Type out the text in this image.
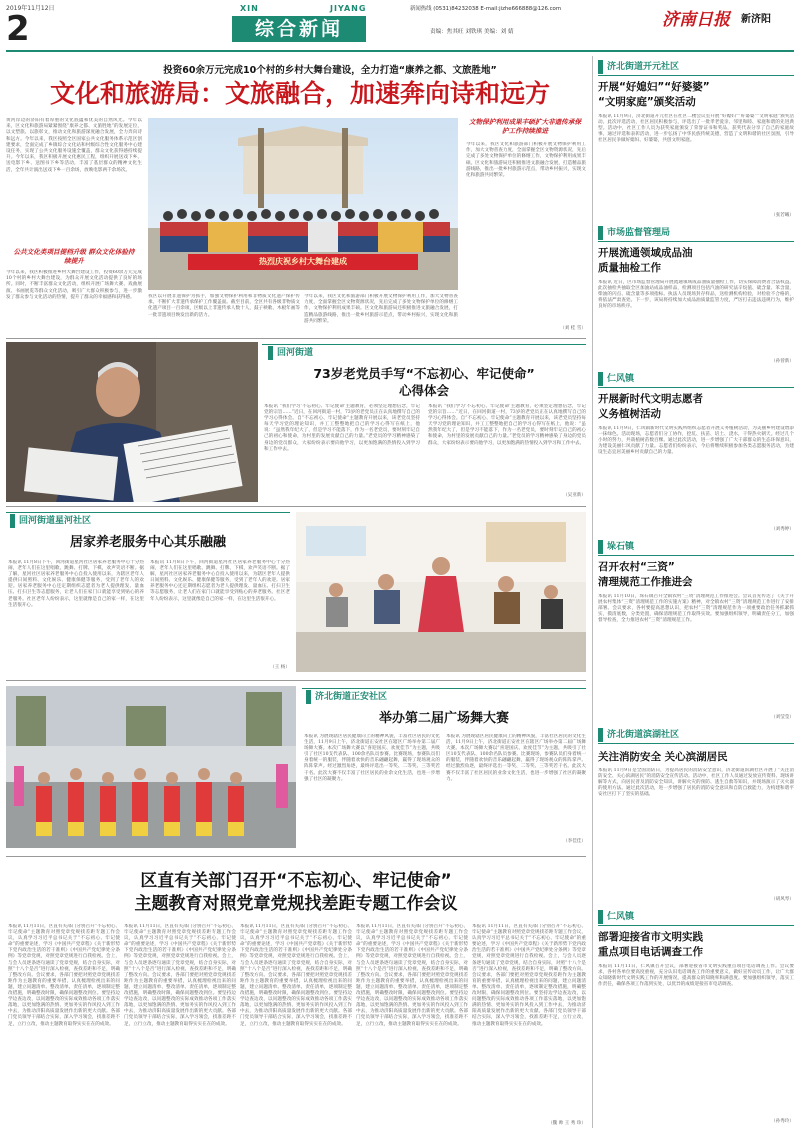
2019年11月12日
2
XIN	JIYANG
综合新闻
新闻热线 (0531)84232038 E-mail:jizhe666888@126.com
责编：焦其旺 刘铁琪 美编：刘 婧
济南日报 新济阳
投资60余万元完成10个村的乡村大舞台建设，全力打造“康养之都、文旅胜地”
文化和旅游局：文旅融合，加速奔向诗和远方
黄河岸边的济阳有着厚重的文化底蕴和优美的自然风光。今年以来，区文化和旅游局紧紧围绕“康养之都、文旅胜地”的发展定位，以文塑旅、以旅彰文，推动文化和旅游深度融合发展，全力奔向诗和远方。今年以来，我区按照全区国家公共文化服务体系示范区创建要求，全面完成了乡镇综合文化站和村级综合性文化服务中心建设任务，实现了公共文化服务设施全覆盖，群众文化获得感持续提升。今年以来，我区积极开展文化惠民工程，组织开展送戏下乡、送电影下乡、送图书下乡等活动，丰富了基层群众的精神文化生活，全年共计演出送戏下乡一百余场，放映电影两千余场次。
公共文化类项目提档升级 群众文化体验持续提升
今年以来，我区积极推进乡村大舞台建设工作，投资60余万元完成10个村的乡村大舞台建设，为群众开展文化活动提供了良好的场所。同时，不断丰富群众文化活动，组织开展广场舞大赛、戏曲展演、书画展览等群众文化活动，吸引广大群众积极参与，进一步激发了群众参与文化活动的热情，提升了群众的幸福感和获得感。
热烈庆祝乡村大舞台建成
我区以开展非遗保护为抓手，加强文物保护利用和非物质文化遗产保护传承，不断扩大非遗传承保护工作覆盖面。截至目前，全区共有各级非物质文化遗产项目一百余项，区级以上非遗传承人数十人，鼓子秧歌、木板年画等一批非遗项目焕发出新的活力。
今年以来，我区文化和旅游部门积极开展文物保护利用工作，加大文物普查力度，全面掌握全区文物资源状况，先后完成了多处文物保护单位的修缮工作，文物保护利用成果丰硕。区文化和旅游局还积极推进文旅融合发展，打造精品旅游线路，推出一批乡村旅游示范点，带动乡村振兴，实现文化和旅游共同繁荣。
文物保护利用成果丰硕扩大非遗传承保护工作持续推进
今年以来，我区文化和旅游部门积极开展文物保护利用工作，加大文物普查力度，全面掌握全区文物资源状况，先后完成了多处文物保护单位的修缮工作，文物保护利用成果丰硕。区文化和旅游局还积极推进文旅融合发展，打造精品旅游线路，推出一批乡村旅游示范点，带动乡村振兴，实现文化和旅游共同繁荣。
（刘 桂 雪）
回河街道
73岁老党员手写“不忘初心、牢记使命”
心得体会
本报讯 “我们学习‘不忘初心、牢记使命’主题教育，必须坚定理想信念，牢记党的宗旨……”近日，在回河街道一村，73岁的老党员正在认真地撰写自己的学习心得体会。自“不忘初心、牢记使命”主题教育开展以来，该老党员坚持每天学习党的理论知识，并工工整整地把自己的学习心得写在纸上，他说：“虽然我年纪大了，但是学习不能落下，作为一名老党员，要时刻牢记自己的初心和使命，为村里的发展贡献自己的力量。”老党员的学习精神感染了身边的党员群众，大家纷纷表示要向他学习，以更加饱满的热情投入到学习和工作中去。
本报讯 “我们学习‘不忘初心、牢记使命’主题教育，必须坚定理想信念，牢记党的宗旨……”近日，在回河街道一村，73岁的老党员正在认真地撰写自己的学习心得体会。自“不忘初心、牢记使命”主题教育开展以来，该老党员坚持每天学习党的理论知识，并工工整整地把自己的学习心得写在纸上，他说：“虽然我年纪大了，但是学习不能落下，作为一名老党员，要时刻牢记自己的初心和使命，为村里的发展贡献自己的力量。”老党员的学习精神感染了身边的党员群众，大家纷纷表示要向他学习，以更加饱满的热情投入到学习和工作中去。
（吴亚新）
回河街道星河社区
居家养老服务中心其乐融融
本报讯 11月8日下午，回河街道星河社区居家养老服务中心十分热闹，老年人们在这里唱歌、跳舞、打牌、下棋，欢声笑语不断。据了解，星河社区居家养老服务中心自投入使用以来，为辖区老年人提供日间照料、文化娱乐、健康保健等服务，受到了老年人的欢迎。居家养老服务中心还定期组织志愿者为老人提供理发、量血压、打扫卫生等志愿服务，让老人们在家门口就能享受到贴心的养老服务。社区老年人纷纷表示，这里就像是自己的家一样，在这里生活很开心。
本报讯 11月8日下午，回河街道星河社区居家养老服务中心十分热闹，老年人们在这里唱歌、跳舞、打牌、下棋，欢声笑语不断。据了解，星河社区居家养老服务中心自投入使用以来，为辖区老年人提供日间照料、文化娱乐、健康保健等服务，受到了老年人的欢迎。居家养老服务中心还定期组织志愿者为老人提供理发、量血压、打扫卫生等志愿服务，让老人们在家门口就能享受到贴心的养老服务。社区老年人纷纷表示，这里就像是自己的家一样，在这里生活很开心。
（王 杨）
济北街道正安社区
举办第二届广场舞大赛
本报讯 为展现辖区居民健康向上的精神风貌，丰富社区居民的文化生活，11月9日上午，济北街道正安社区在辖区广场举办第二届广场舞大赛。本次广场舞大赛以“喜迎国庆、欢度佳节”为主题，共吸引了社区10支代表队、100余名队员参赛。比赛现场，参赛队员们身着统一的服装，伴随着欢快的音乐翩翩起舞，赢得了现场观众的阵阵掌声。经过激烈角逐，最终评选出一等奖、二等奖、三等奖若干名。此次大赛不仅丰富了社区居民的业余文化生活，也进一步增强了社区的凝聚力。
本报讯 为展现辖区居民健康向上的精神风貌，丰富社区居民的文化生活，11月9日上午，济北街道正安社区在辖区广场举办第二届广场舞大赛。本次广场舞大赛以“喜迎国庆、欢度佳节”为主题，共吸引了社区10支代表队、100余名队员参赛。比赛现场，参赛队员们身着统一的服装，伴随着欢快的音乐翩翩起舞，赢得了现场观众的阵阵掌声。经过激烈角逐，最终评选出一等奖、二等奖、三等奖若干名。此次大赛不仅丰富了社区居民的业余文化生活，也进一步增强了社区的凝聚力。
（李佳佳）
区直有关部门召开“不忘初心、牢记使命”
主题教育对照党章党规找差距专题工作会议
本报讯 11月11日，区直有关部门分别召开“不忘初心、牢记使命”主题教育对照党章党规找差距专题工作会议，认真学习习近平总书记关于“不忘初心、牢记使命”的重要论述，学习《中国共产党章程》《关于新形势下党内政治生活的若干准则》《中国共产党纪律处分条例》等党章党规，对照党章党规进行自我检视。会上，与会人员逐条逐句通读了党章党规，结合自身实际，对照“十八个是否”进行深入检视，查找差距和不足，明确了整改方向。会议要求，各部门要把对照党章党规找差距作为主题教育的重要举措，认真梳理检视出来的问题，建立问题清单、整改清单、责任清单，逐项制定整改措施，明确整改时限，确保问题整改到位。要坚持边学边查边改，以问题整改的实际成效推动各项工作落实落地，以更加饱满的热情、更加务实的作风投入到工作中去，为推动济阳高质量发展作出新的更大贡献。各部门党员领导干部结合实际，深入学习领会，找准差距不足，立行立改，推动主题教育取得实实在在的成效。
本报讯 11月11日，区直有关部门分别召开“不忘初心、牢记使命”主题教育对照党章党规找差距专题工作会议，认真学习习近平总书记关于“不忘初心、牢记使命”的重要论述，学习《中国共产党章程》《关于新形势下党内政治生活的若干准则》《中国共产党纪律处分条例》等党章党规，对照党章党规进行自我检视。会上，与会人员逐条逐句通读了党章党规，结合自身实际，对照“十八个是否”进行深入检视，查找差距和不足，明确了整改方向。会议要求，各部门要把对照党章党规找差距作为主题教育的重要举措，认真梳理检视出来的问题，建立问题清单、整改清单、责任清单，逐项制定整改措施，明确整改时限，确保问题整改到位。要坚持边学边查边改，以问题整改的实际成效推动各项工作落实落地，以更加饱满的热情、更加务实的作风投入到工作中去，为推动济阳高质量发展作出新的更大贡献。各部门党员领导干部结合实际，深入学习领会，找准差距不足，立行立改，推动主题教育取得实实在在的成效。
本报讯 11月11日，区直有关部门分别召开“不忘初心、牢记使命”主题教育对照党章党规找差距专题工作会议，认真学习习近平总书记关于“不忘初心、牢记使命”的重要论述，学习《中国共产党章程》《关于新形势下党内政治生活的若干准则》《中国共产党纪律处分条例》等党章党规，对照党章党规进行自我检视。会上，与会人员逐条逐句通读了党章党规，结合自身实际，对照“十八个是否”进行深入检视，查找差距和不足，明确了整改方向。会议要求，各部门要把对照党章党规找差距作为主题教育的重要举措，认真梳理检视出来的问题，建立问题清单、整改清单、责任清单，逐项制定整改措施，明确整改时限，确保问题整改到位。要坚持边学边查边改，以问题整改的实际成效推动各项工作落实落地，以更加饱满的热情、更加务实的作风投入到工作中去，为推动济阳高质量发展作出新的更大贡献。各部门党员领导干部结合实际，深入学习领会，找准差距不足，立行立改，推动主题教育取得实实在在的成效。
本报讯 11月11日，区直有关部门分别召开“不忘初心、牢记使命”主题教育对照党章党规找差距专题工作会议，认真学习习近平总书记关于“不忘初心、牢记使命”的重要论述，学习《中国共产党章程》《关于新形势下党内政治生活的若干准则》《中国共产党纪律处分条例》等党章党规，对照党章党规进行自我检视。会上，与会人员逐条逐句通读了党章党规，结合自身实际，对照“十八个是否”进行深入检视，查找差距和不足，明确了整改方向。会议要求，各部门要把对照党章党规找差距作为主题教育的重要举措，认真梳理检视出来的问题，建立问题清单、整改清单、责任清单，逐项制定整改措施，明确整改时限，确保问题整改到位。要坚持边学边查边改，以问题整改的实际成效推动各项工作落实落地，以更加饱满的热情、更加务实的作风投入到工作中去，为推动济阳高质量发展作出新的更大贡献。各部门党员领导干部结合实际，深入学习领会，找准差距不足，立行立改，推动主题教育取得实实在在的成效。
本报讯 11月11日，区直有关部门分别召开“不忘初心、牢记使命”主题教育对照党章党规找差距专题工作会议，认真学习习近平总书记关于“不忘初心、牢记使命”的重要论述，学习《中国共产党章程》《关于新形势下党内政治生活的若干准则》《中国共产党纪律处分条例》等党章党规，对照党章党规进行自我检视。会上，与会人员逐条逐句通读了党章党规，结合自身实际，对照“十八个是否”进行深入检视，查找差距和不足，明确了整改方向。会议要求，各部门要把对照党章党规找差距作为主题教育的重要举措，认真梳理检视出来的问题，建立问题清单、整改清单、责任清单，逐项制定整改措施，明确整改时限，确保问题整改到位。要坚持边学边查边改，以问题整改的实际成效推动各项工作落实落地，以更加饱满的热情、更加务实的作风投入到工作中去，为推动济阳高质量发展作出新的更大贡献。各部门党员领导干部结合实际，深入学习领会，找准差距不足，立行立改，推动主题教育取得实实在在的成效。
（魏 帅 王 秀 珍）
济北街道开元社区
开展“好媳妇”“好婆婆”
“文明家庭”颁奖活动
本报讯 11月9日，济北街道开元社区在社区二楼会议室开展“好媳妇”“好婆婆”“文明家庭”颁奖活动。此次评选活动，社区居民积极参与，评选出了一批孝老爱亲、邻里和睦、家庭和谐的先进典型。活动中，社区工作人员为获奖家庭颁发了荣誉证书和奖品，获奖代表分享了自己的家庭故事。通过评选和表彰活动，进一步弘扬了中华民族传统美德，营造了文明和谐的社区氛围，引导社区居民争做好媳妇、好婆婆，共创文明家庭。
（张若曦）
市场监督管理局
开展流通领域成品油
质量抽检工作
本报讯 近日，区市场监督管理局开展流通领域成品油质量抽检工作，切实保障消费者合法权益。此次抽检共抽取全区加油站成品油样品，检测项目包括汽油的研究法辛烷值、硫含量、苯含量，柴油的闪点、硫含量等多项指标。执法人员现场封存样品，送检测机构检验，对检验不合格的，将依法严肃查处。下一步，该局将持续加大成品油质量监管力度，严厉打击违法违规行为，维护良好的市场秩序。
（孙曾新）
仁风镇
开展新时代文明志愿者
义务植树活动
本报讯 11月9日，仁风镇新时代文明实践所组织志愿者开展义务植树活动，为美丽乡村建设增添一抹绿色。活动现场，志愿者们分工协作，挖坑、扶苗、培土、浇水，干得热火朝天。经过几个小时的努力，共栽植树苗数百棵。通过此次活动，进一步增强了广大干部群众的生态环保意识，为建设美丽仁风贡献了力量。志愿者们纷纷表示，今后将继续积极参加各类志愿服务活动，为建设生态宜居美丽乡村贡献自己的力量。
（刘秀婷）
垛石镇
召开农村“三资”
清理规范工作推进会
本报讯 11月10日，垛石镇召开全镇农村“三资”清理规范工作推进会。会议首先传达了《关于开展农村集体“三资”清理规范工作的实施方案》精神，对全镇农村“三资”清理规范工作进行了安排部署。会议要求，各村要提高思想认识，把农村“三资”清理规范作为一项重要政治任务抓紧抓实，摸清底数，分类处置，确保清理规范工作取得实效。要加强组织领导，明确责任分工，加强督导检查，全力推进农村“三资”清理规范工作。
（刘莹莹）
济北街道滨湖社区
关注消防安全 关心滨湖居民
本报讯 11月9日是全国消防日，为提高居民的消防安全意识，济北街道滨湖社区开展了“关注消防安全、关心滨湖居民”的消防安全宣传活动。活动中，社区工作人员通过发放宣传资料、现场讲解等方式，向居民普及消防安全知识，讲解火灾的预防、逃生自救等知识，并现场演示了灭火器的使用方法。通过此次活动，进一步增强了居民的消防安全意识和自防自救能力，为构建和谐平安社区打下了坚实的基础。
（胡风琴）
仁风镇
部署迎接省市文明实践
重点项目电话调查工作
本报讯 11月11日，仁风镇召开会议，部署迎接省市文明实践重点项目电话调查工作。会议要求，各村各单位要高度重视，充分认识电话调查工作的重要意义，做好宣传动员工作，让广大群众知晓新时代文明实践工作的开展情况，提高群众的知晓率和满意度。要加强组织领导，落实工作责任，确保各项工作落到实处，以优异的成绩迎接省市电话调查。
（孙秀玲）
